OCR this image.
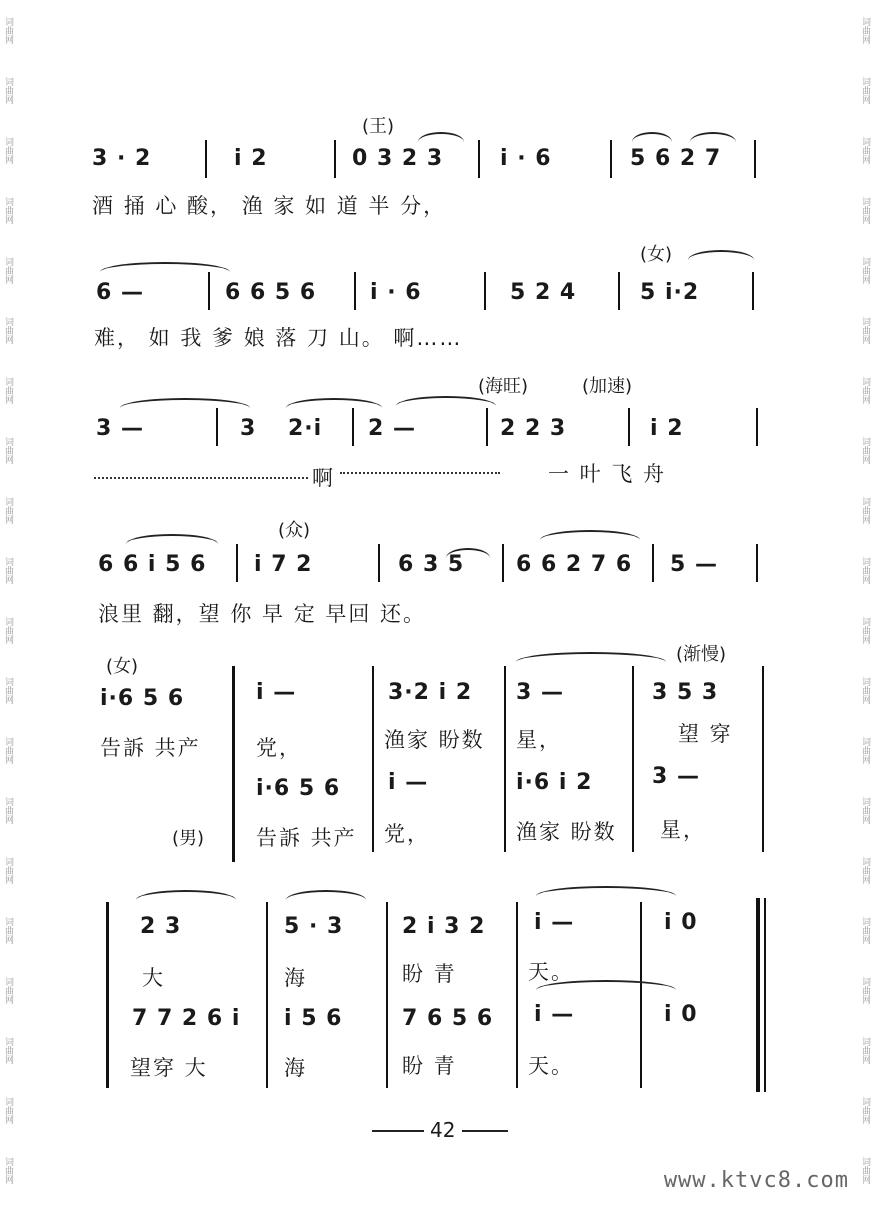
词曲网
词曲网
词曲网
词曲网
词曲网
词曲网
词曲网
词曲网
词曲网
词曲网
词曲网
词曲网
词曲网
词曲网
词曲网
词曲网
词曲网
词曲网
词曲网
词曲网
词曲网
词曲网
词曲网
词曲网
词曲网
词曲网
词曲网
词曲网
词曲网
词曲网
词曲网
词曲网
词曲网
词曲网
词曲网
词曲网
词曲网
词曲网
词曲网
词曲网
(王)
3 · 2	i 2	0 3 2 3	i · 6	5 6 2 7
酒 捅 心 酸， 渔 家 如 道 半 分，
(女)
6 —	6 6 5 6 i · 6	5 2 4	5 i·2
难， 如 我 爹 娘 落 刀 山。 啊……
(海旺)	(加速)
3 —	3 2·i 2 —	2 2 3	i 2
啊	一 叶 飞 舟
(众)
6 6 i 5 6 i 7 2	6 3 5 6 6 2 7 6 5 —
浪里 翻，望 你 早 定 早回 还。
(女)
(渐慢)
(男)
i·6 5 6	i —	3·2 i 2 3 —	3 5 3
告訴 共产	党，	渔家 盼数 星，	望 穿
i·6 5 6 i —	i·6 i 2	3 —
告訴 共产 党，	渔家 盼数 星，
2 3	5 · 3	2 i 3 2 i —	i 0
大	海	盼 青	天。
7 7 2 6 i i 5 6	7 6 5 6 i —	i 0
望穿 大	海	盼 青	天。
42
www.ktvc8.com
